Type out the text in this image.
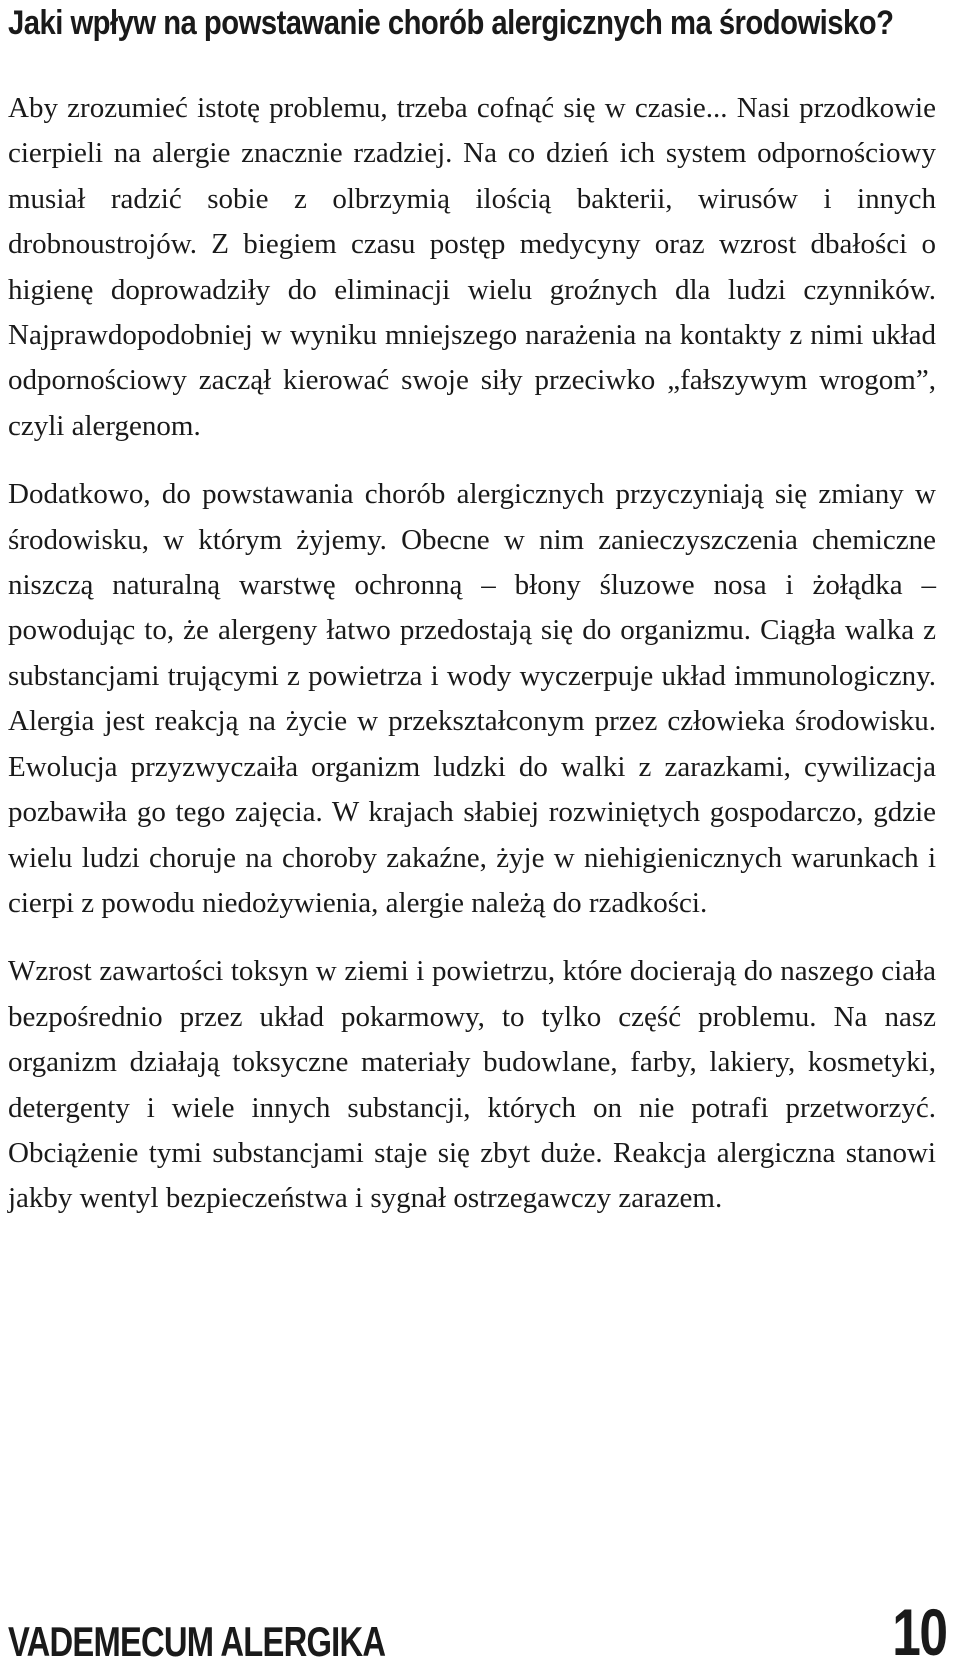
Jaki wpływ na powstawanie chorób alergicznych ma środowisko?

Aby zrozumieć istotę problemu, trzeba cofnąć się w czasie... Nasi przodkowie cierpieli na alergie znacznie rzadziej. Na co dzień ich system odpornościowy musiał radzić sobie z olbrzymią ilością bakterii, wirusów i innych drobnoustrojów. Z biegiem czasu postęp medycyny oraz wzrost dbałości o higienę doprowadziły do eliminacji wielu groźnych dla ludzi czynników. Najprawdopodobniej w wyniku mniejszego narażenia na kontakty z nimi układ odpornościowy zaczął kierować swoje siły przeciwko „fałszywym wrogom”, czyli alergenom.

Dodatkowo, do powstawania chorób alergicznych przyczyniają się zmiany w środowisku, w którym żyjemy. Obecne w nim zanieczyszczenia chemiczne niszczą naturalną warstwę ochronną – błony śluzowe nosa i żołądka – powodując to, że alergeny łatwo przedostają się do organizmu. Ciągła walka z substancjami trującymi z powietrza i wody wyczerpuje układ immunologiczny. Alergia jest reakcją na życie w przekształconym przez człowieka środowisku. Ewolucja przyzwyczaiła organizm ludzki do walki z zarazkami, cywilizacja pozbawiła go tego zajęcia. W krajach słabiej rozwiniętych gospodarczo, gdzie wielu ludzi choruje na choroby zakaźne, żyje w niehigienicznych warunkach i cierpi z powodu niedożywienia, alergie należą do rzadkości.

Wzrost zawartości toksyn w ziemi i powietrzu, które docierają do naszego ciała bezpośrednio przez układ pokarmowy, to tylko część problemu. Na nasz organizm działają toksyczne materiały budowlane, farby, lakiery, kosmetyki, detergenty i wiele innych substancji, których on nie potrafi przetworzyć. Obciążenie tymi substancjami staje się zbyt duże. Reakcja alergiczna stanowi jakby wentyl bezpieczeństwa i sygnał ostrzegawczy zarazem.

VADEMECUM ALERGIKA	10
